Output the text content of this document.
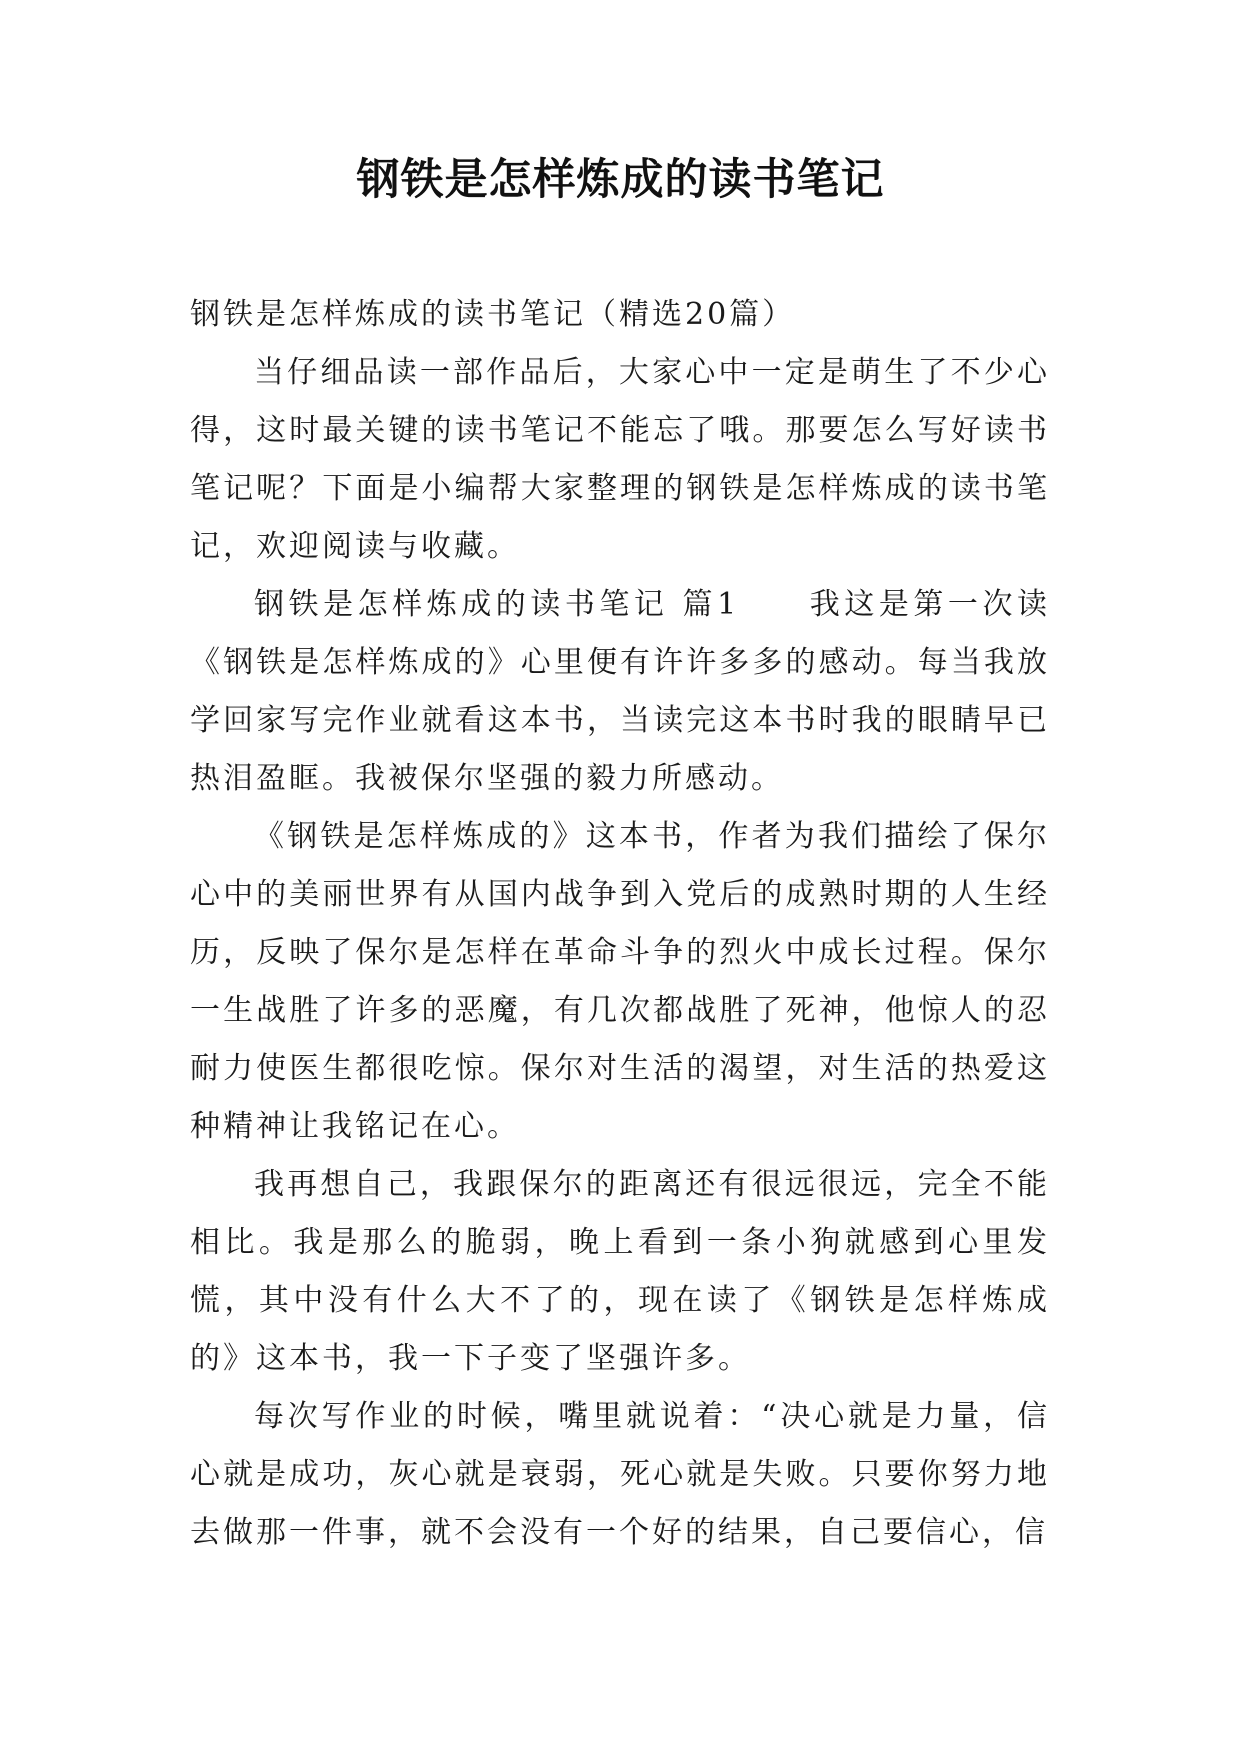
钢铁是怎样炼成的读书笔记

钢铁是怎样炼成的读书笔记（精选20篇）

当仔细品读一部作品后，大家心中一定是萌生了不少心得，这时最关键的读书笔记不能忘了哦。那要怎么写好读书笔记呢？下面是小编帮大家整理的钢铁是怎样炼成的读书笔记，欢迎阅读与收藏。

钢铁是怎样炼成的读书笔记 篇1　　我这是第一次读《钢铁是怎样炼成的》心里便有许许多多的感动。每当我放学回家写完作业就看这本书，当读完这本书时我的眼睛早已热泪盈眶。我被保尔坚强的毅力所感动。

《钢铁是怎样炼成的》这本书，作者为我们描绘了保尔心中的美丽世界有从国内战争到入党后的成熟时期的人生经历，反映了保尔是怎样在革命斗争的烈火中成长过程。保尔一生战胜了许多的恶魔，有几次都战胜了死神，他惊人的忍耐力使医生都很吃惊。保尔对生活的渴望，对生活的热爱这种精神让我铭记在心。

我再想自己，我跟保尔的距离还有很远很远，完全不能相比。我是那么的脆弱，晚上看到一条小狗就感到心里发慌，其中没有什么大不了的，现在读了《钢铁是怎样炼成的》这本书，我一下子变了坚强许多。

每次写作业的时候，嘴里就说着：“决心就是力量，信心就是成功，灰心就是衰弱，死心就是失败。只要你努力地去做那一件事，就不会没有一个好的结果，自己要信心，信
